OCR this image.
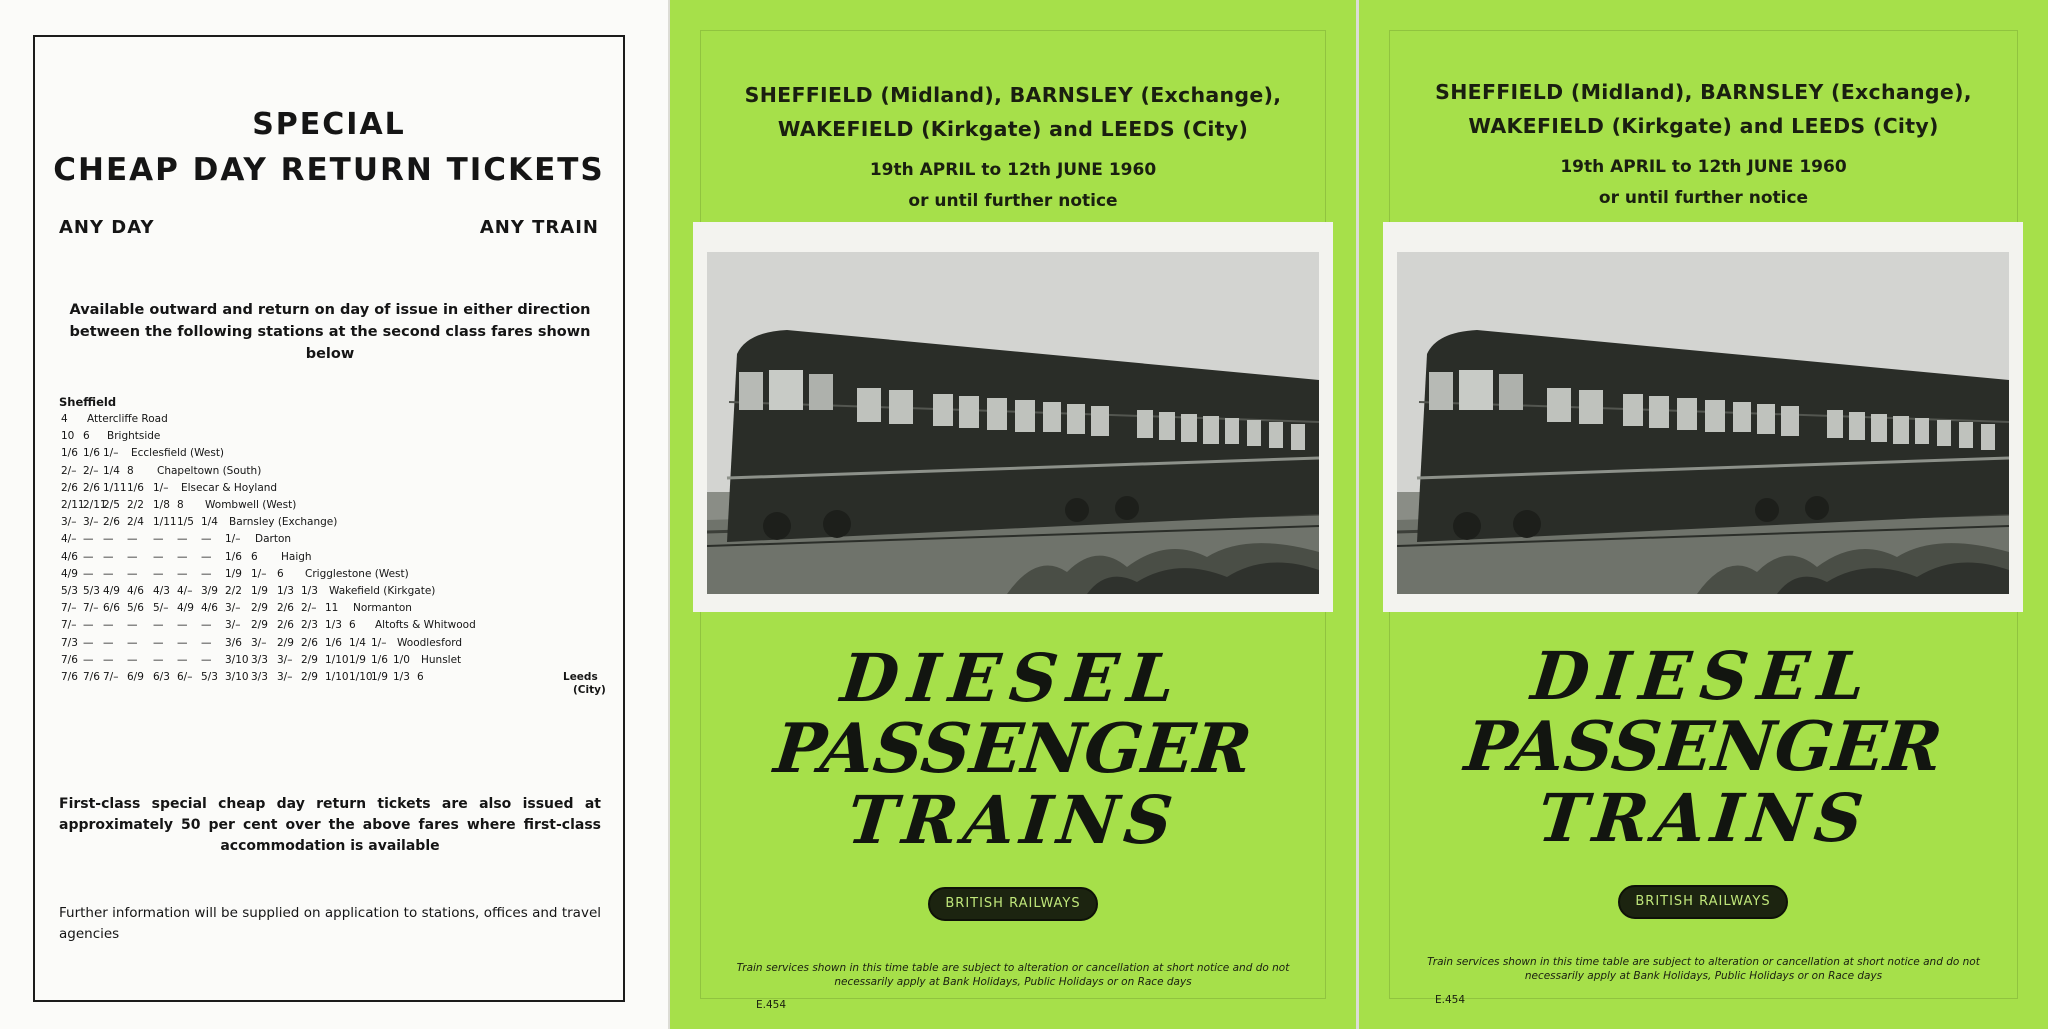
SPECIAL
CHEAP DAY RETURN TICKETS
ANY DAY	ANY TRAIN
Available outward and return on day of issue in either direction between the following stations at the second class fares shown below
Sheffield
4 Attercliffe Road
10 6 Brightside
1/6 1/6 1/– Ecclesfield (West)
2/– 2/– 1/4 8 Chapeltown (South)
2/6 2/6 1/11 1/6 1/– Elsecar & Hoyland
2/11
2/11
2/5 2/2 1/8 8 Wombwell (West)
3/– 3/– 2/6 2/4 1/11 1/5 1/4 Barnsley (Exchange)
4/– — — — — — — 1/– Darton
4/6 — — — — — — 1/6 6 Haigh
4/9 — — — — — — 1/9 1/– 6 Crigglestone (West)
5/3 5/3 4/9 4/6 4/3 4/– 3/9 2/2 1/9 1/3 1/3 Wakefield (Kirkgate)
7/– 7/– 6/6 5/6 5/– 4/9 4/6 3/– 2/9 2/6 2/– 11 Normanton
7/– — — — — — — 3/– 2/9 2/6 2/3 1/3 6 Altofts & Whitwood
7/3 — — — — — — 3/6 3/– 2/9 2/6 1/6 1/4 1/– Woodlesford
7/6 — — — — — — 3/10 3/3 3/– 2/9 1/10 1/9 1/6 1/0 Hunslet
7/6 7/6 7/– 6/9 6/3 6/– 5/3 3/10 3/3 3/– 2/9 1/10 1/10
1/9 1/3 6	Leeds
(City)
First-class special cheap day return tickets are also issued at approximately 50 per cent over the above fares where first-class accommodation is available
Further information will be supplied on application to stations, offices and travel agencies
SHEFFIELD (Midland), BARNSLEY (Exchange),
WAKEFIELD (Kirkgate) and LEEDS (City)
19th APRIL to 12th JUNE 1960
or until further notice
DIESEL
PASSENGER
TRAINS
BRITISH RAILWAYS
Train services shown in this time table are subject to alteration or cancellation at short notice and do not necessarily apply at Bank Holidays, Public Holidays or on Race days
E.454
SHEFFIELD (Midland), BARNSLEY (Exchange),
WAKEFIELD (Kirkgate) and LEEDS (City)
19th APRIL to 12th JUNE 1960
or until further notice
DIESEL
PASSENGER
TRAINS
BRITISH RAILWAYS
Train services shown in this time table are subject to alteration or cancellation at short notice and do not necessarily apply at Bank Holidays, Public Holidays or on Race days
E.454
